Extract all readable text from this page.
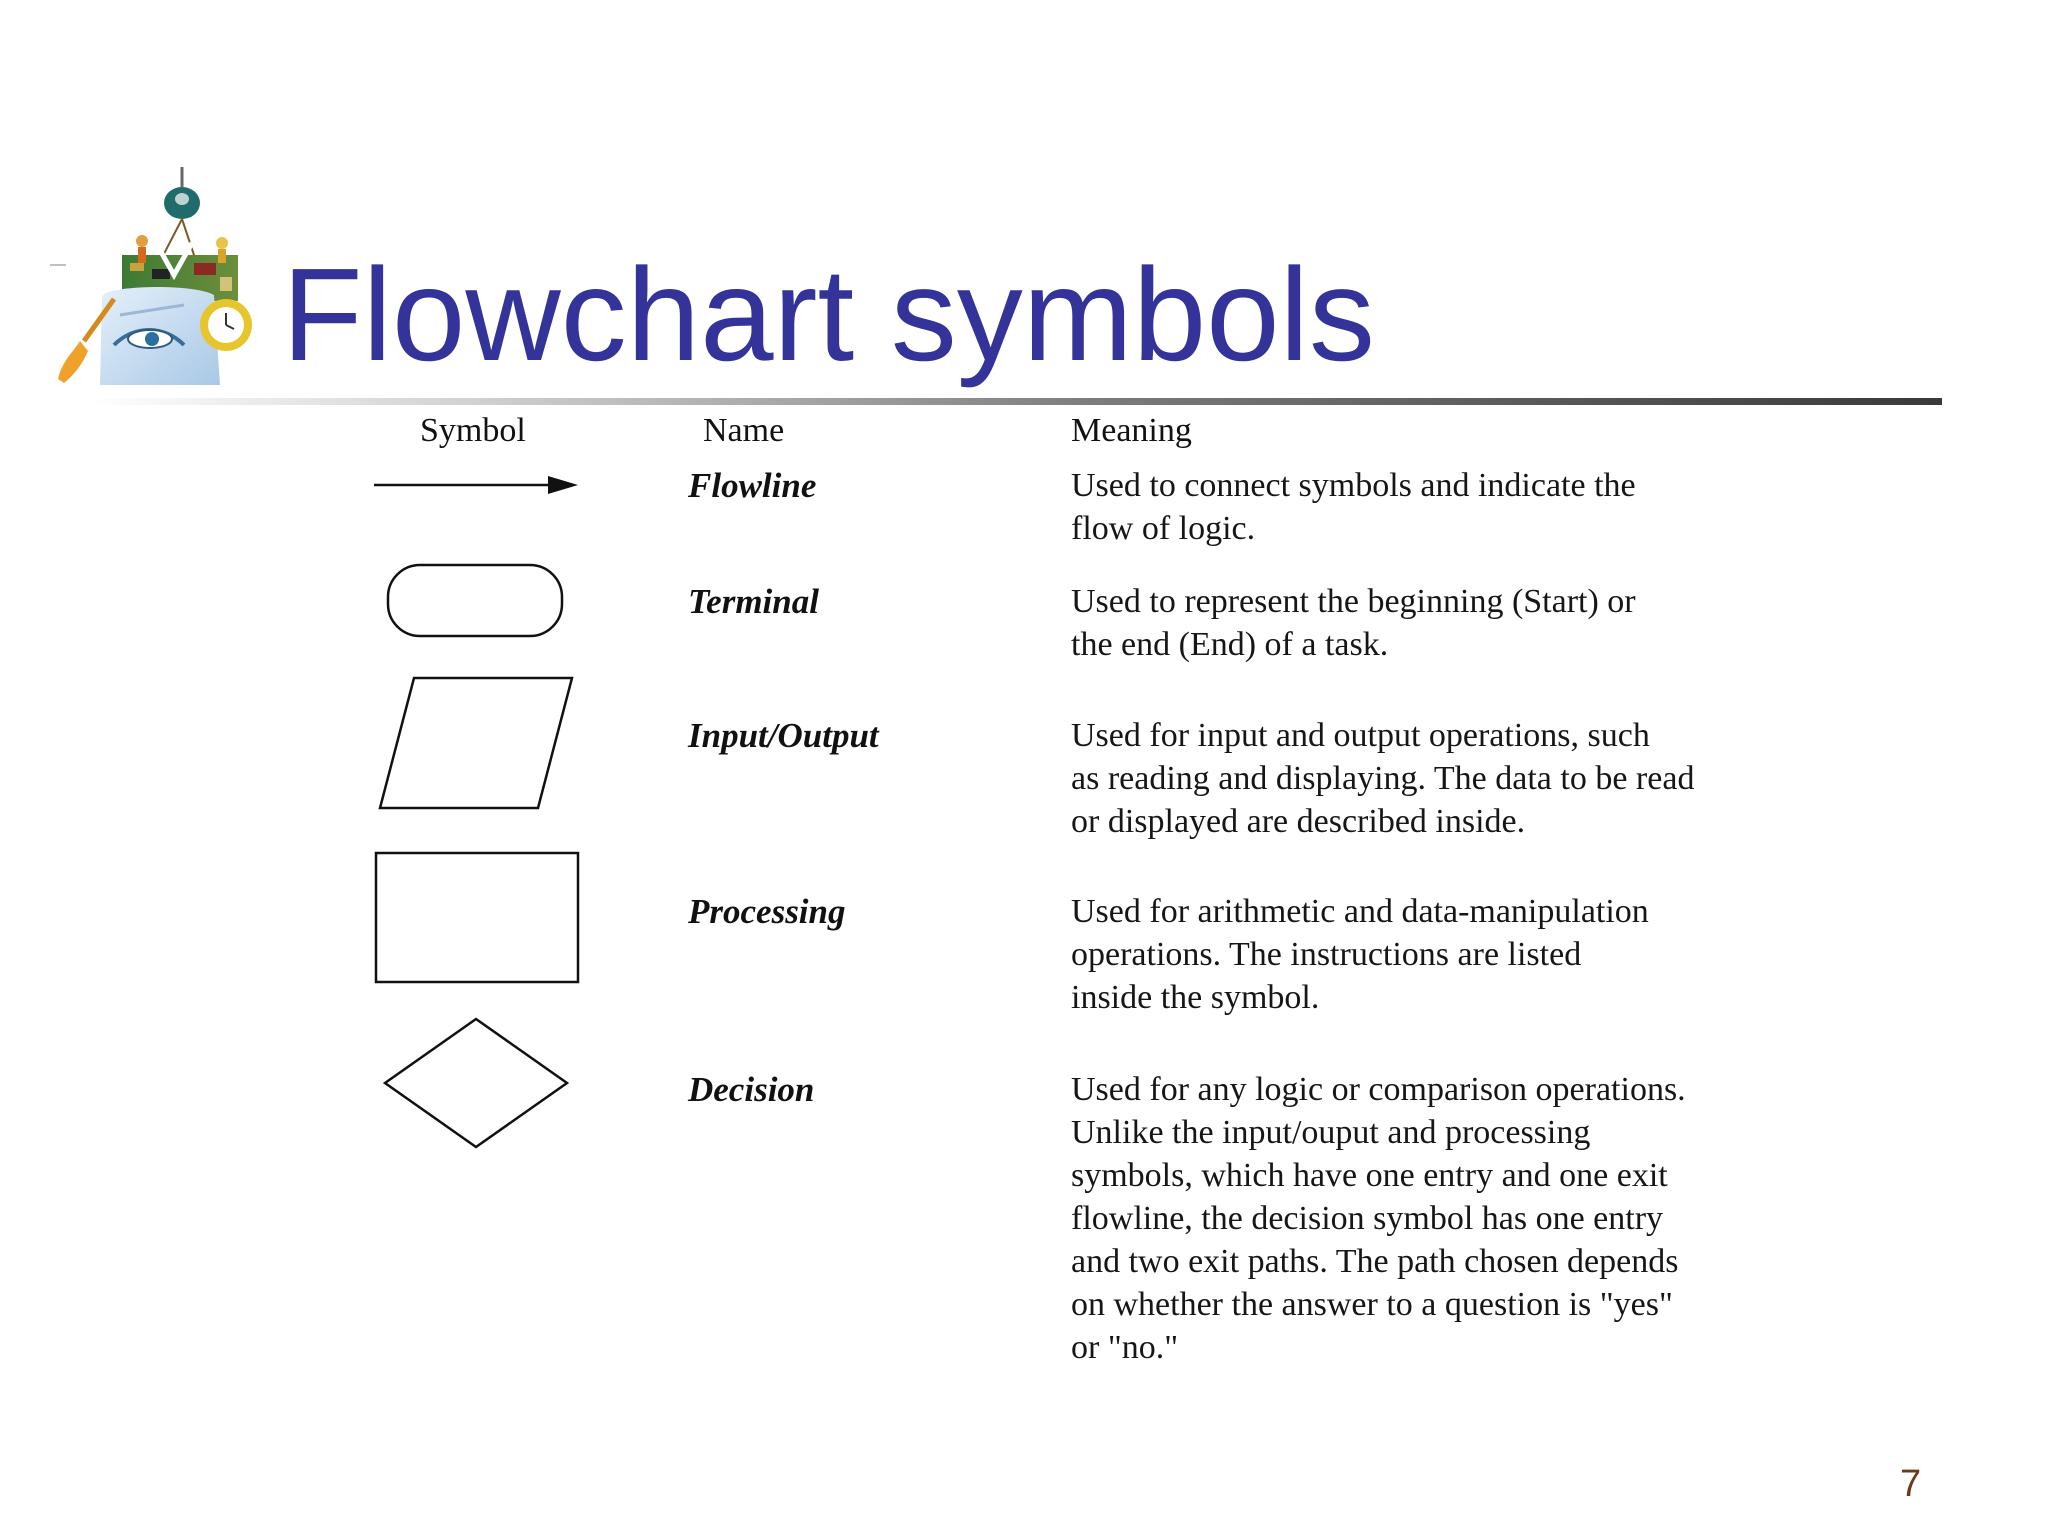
Flowchart symbols
Symbol	Name	Meaning
Flowline	Used to connect symbols and indicate the
flow of logic.

Terminal	Used to represent the beginning (Start) or
the end (End) of a task.

Input/Output	Used for input and output operations, such
as reading and displaying. The data to be read
or displayed are described inside.

Processing	Used for arithmetic and data-manipulation
operations. The instructions are listed
inside the symbol.

Decision	Used for any logic or comparison operations.
Unlike the input/ouput and processing
symbols, which have one entry and one exit
flowline, the decision symbol has one entry
and two exit paths. The path chosen depends
on whether the answer to a question is "yes"
or "no."

7
